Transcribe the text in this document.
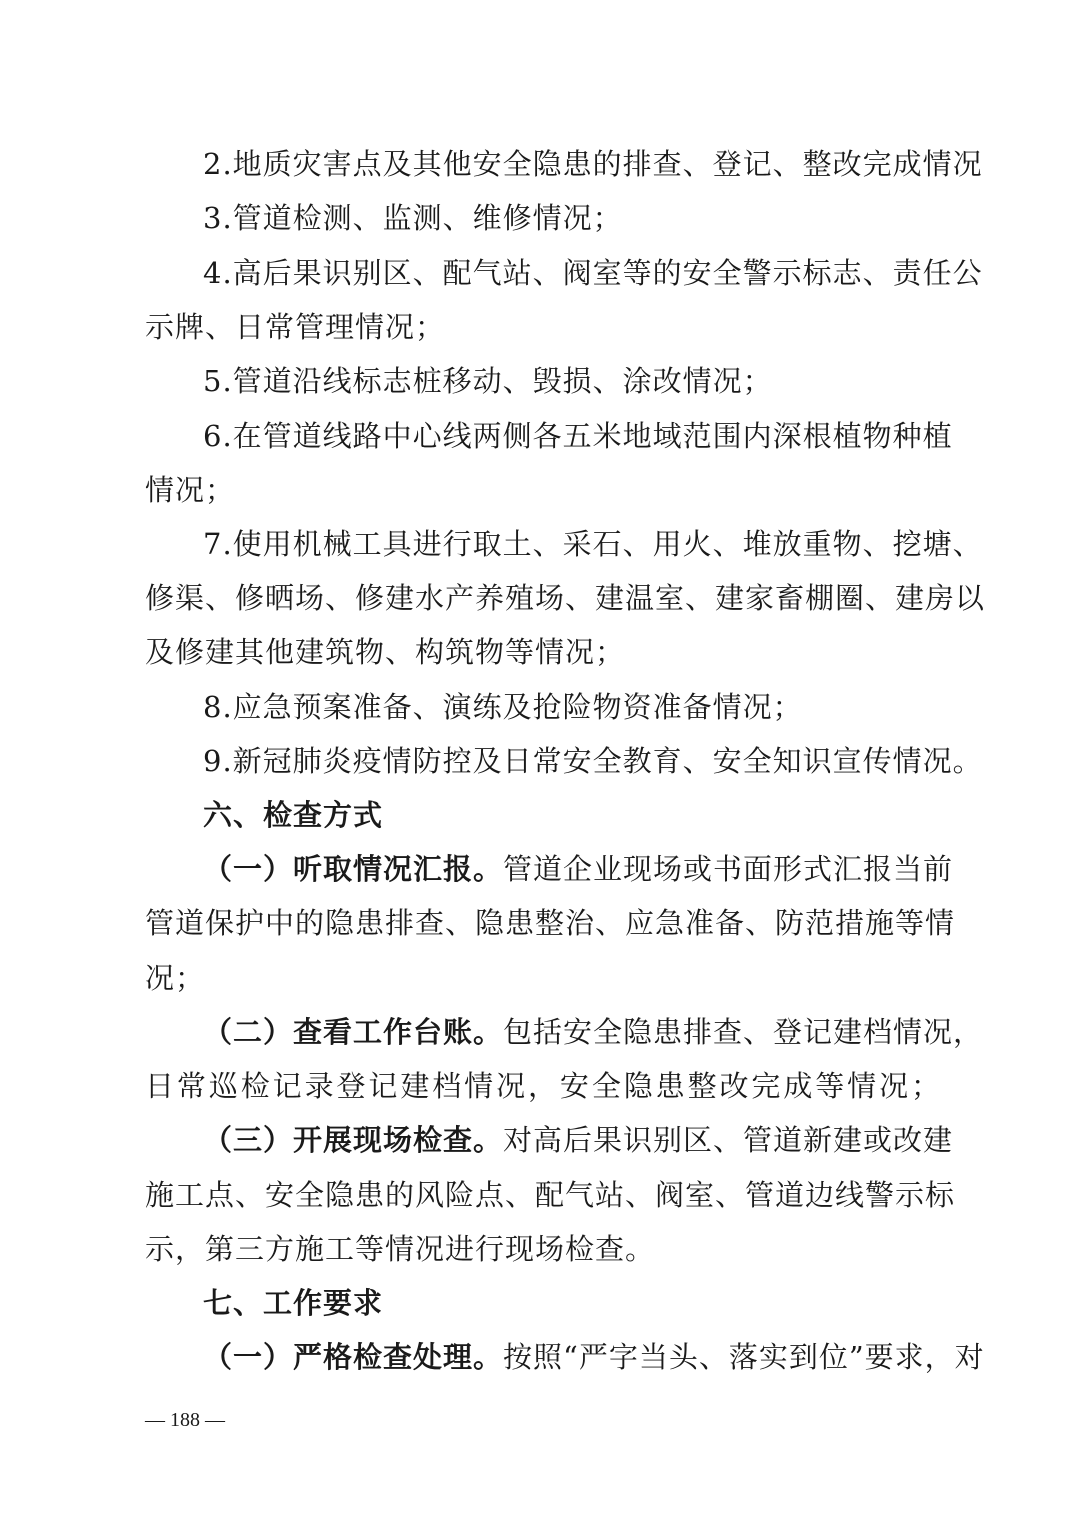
2.地质灾害点及其他安全隐患的排查、登记、整改完成情况
3.管道检测、监测、维修情况；
4.高后果识别区、配气站、阀室等的安全警示标志、责任公
示牌、日常管理情况；
5.管道沿线标志桩移动、毁损、涂改情况；
6.在管道线路中心线两侧各五米地域范围内深根植物种植
情况；
7.使用机械工具进行取土、采石、用火、堆放重物、挖塘、
修渠、修晒场、修建水产养殖场、建温室、建家畜棚圈、建房以
及修建其他建筑物、构筑物等情况；
8.应急预案准备、演练及抢险物资准备情况；
9.新冠肺炎疫情防控及日常安全教育、安全知识宣传情况。
六、检查方式
（一）听取情况汇报。管道企业现场或书面形式汇报当前
管道保护中的隐患排查、隐患整治、应急准备、防范措施等情
况；
（二）查看工作台账。包括安全隐患排查、登记建档情况，
日常巡检记录登记建档情况，安全隐患整改完成等情况；
（三）开展现场检查。对高后果识别区、管道新建或改建
施工点、安全隐患的风险点、配气站、阀室、管道边线警示标
示，第三方施工等情况进行现场检查。
七、工作要求
（一）严格检查处理。按照“严字当头、落实到位”要求，对
— 188 —
